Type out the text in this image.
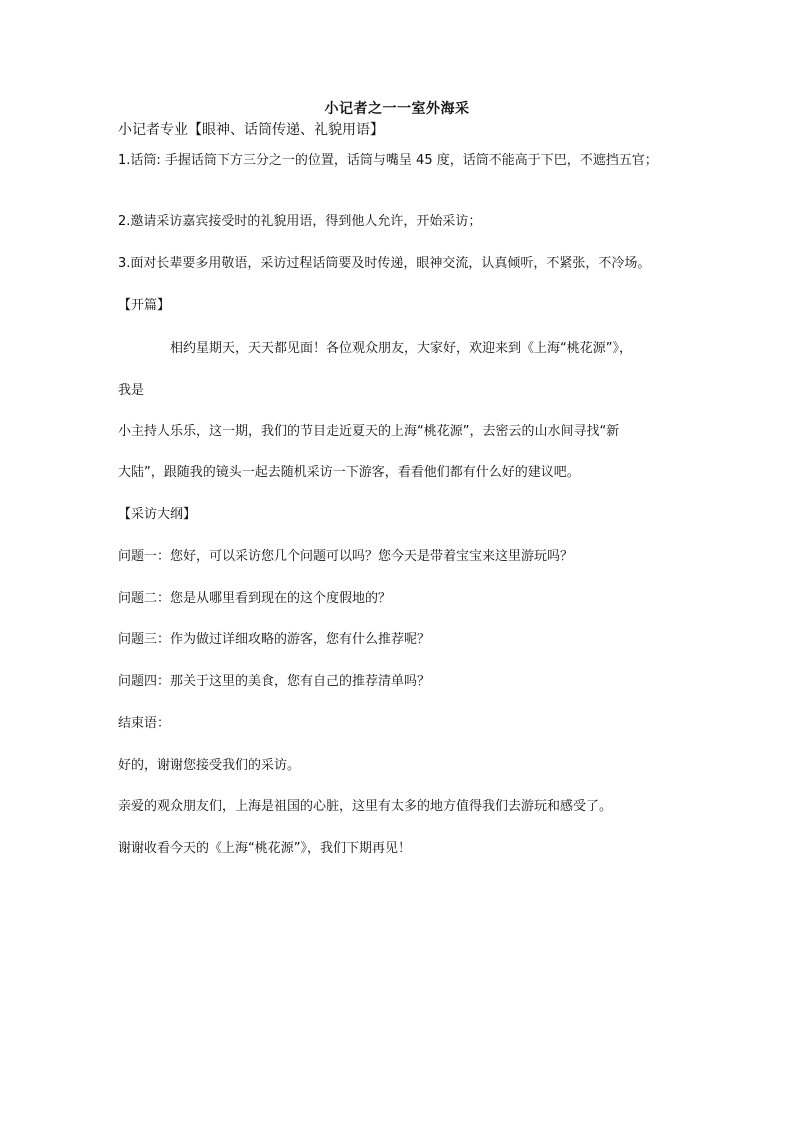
小记者之一一室外海采
小记者专业【眼神、话筒传递、礼貌用语】
1.话筒: 手握话筒下方三分之一的位置，话筒与嘴呈 45 度，话筒不能高于下巴，不遮挡五官；
2.邀请采访嘉宾接受时的礼貌用语，得到他人允许，开始采访；
3.面对长辈要多用敬语，采访过程话筒要及时传递，眼神交流，认真倾听，不紧张，不冷场。
【开篇】
相约星期天，天天都见面！各位观众朋友，大家好，欢迎来到《上海“桃花源”》，
我是
小主持人乐乐，这一期，我们的节目走近夏天的上海“桃花源”，去密云的山水间寻找“新
大陆”，跟随我的镜头一起去随机采访一下游客，看看他们都有什么好的建议吧。
【采访大纲】
问题一：您好，可以采访您几个问题可以吗？您今天是带着宝宝来这里游玩吗？
问题二：您是从哪里看到现在的这个度假地的？
问题三：作为做过详细攻略的游客，您有什么推荐呢？
问题四：那关于这里的美食，您有自己的推荐清单吗？
结束语：
好的，谢谢您接受我们的采访。
亲爱的观众朋友们，上海是祖国的心脏，这里有太多的地方值得我们去游玩和感受了。
谢谢收看今天的《上海“桃花源”》，我们下期再见！
